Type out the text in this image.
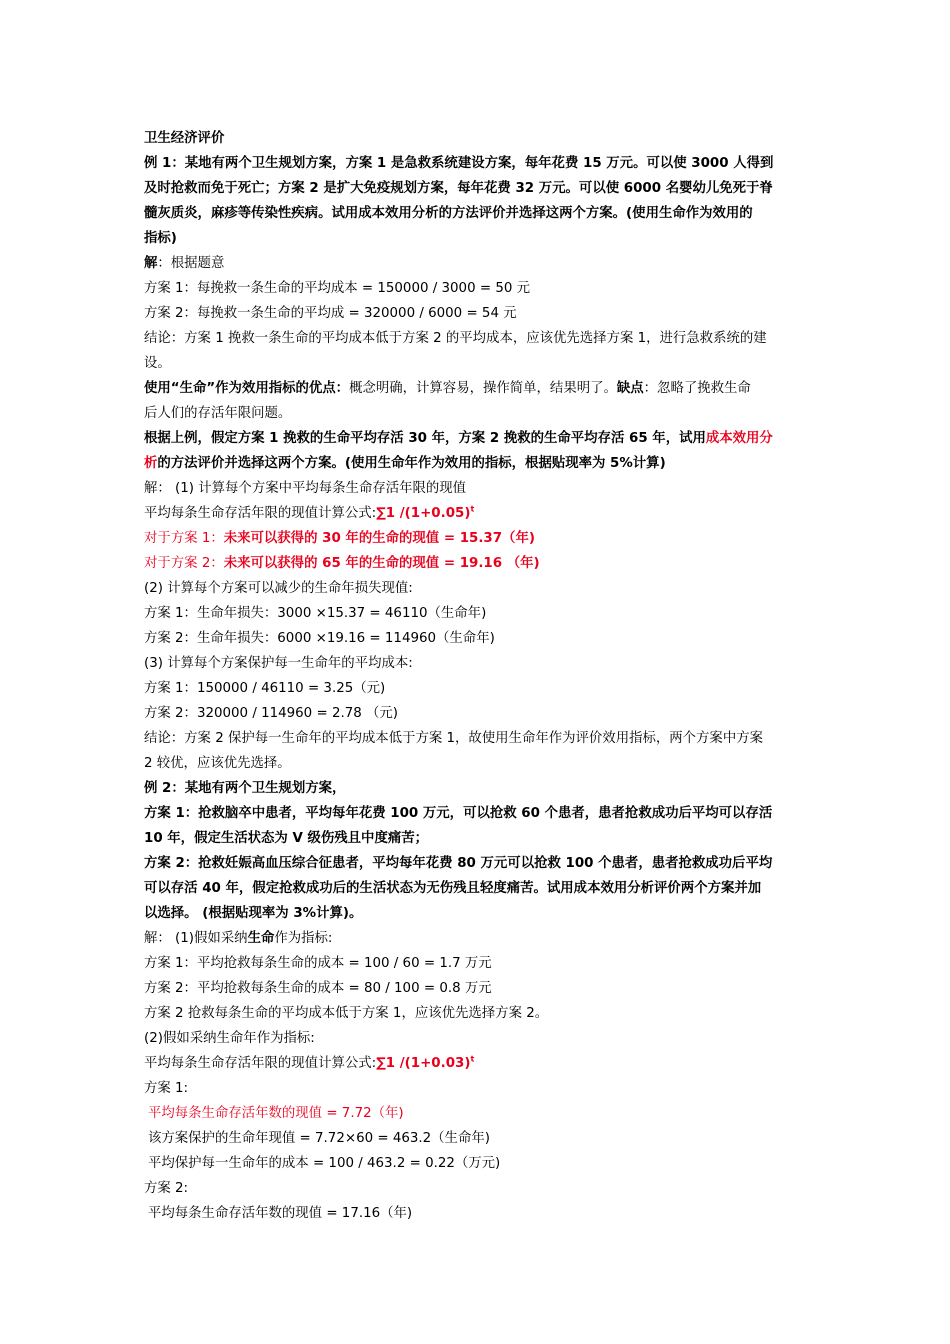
卫生经济评价
例 1：某地有两个卫生规划方案，方案 1 是急救系统建设方案，每年花费 15 万元。可以使 3000 人得到
及时抢救而免于死亡；方案 2 是扩大免疫规划方案，每年花费 32 万元。可以使 6000 名婴幼儿免死于脊
髓灰质炎，麻疹等传染性疾病。试用成本效用分析的方法评价并选择这两个方案。(使用生命作为效用的
指标)
解：根据题意
方案 1：每挽救一条生命的平均成本 = 150000 / 3000 = 50 元
方案 2：每挽救一条生命的平均成 = 320000 / 6000 = 54 元
结论：方案 1 挽救一条生命的平均成本低于方案 2 的平均成本，应该优先选择方案 1，进行急救系统的建
设。
使用“生命”作为效用指标的优点：概念明确，计算容易，操作简单，结果明了。缺点：忽略了挽救生命
后人们的存活年限问题。
根据上例，假定方案 1 挽救的生命平均存活 30 年，方案 2 挽救的生命平均存活 65 年，试用成本效用分
析的方法评价并选择这两个方案。(使用生命年作为效用的指标，根据贴现率为 5%计算)
解： (1) 计算每个方案中平均每条生命存活年限的现值
平均每条生命存活年限的现值计算公式:∑1 $/(1+0.05)^t$
对于方案 1：未来可以获得的 30 年的生命的现值 = 15.37（年)
对于方案 2：未来可以获得的 65 年的生命的现值 = 19.16 （年)
(2) 计算每个方案可以减少的生命年损失现值:
方案 1：生命年损失：3000 ×15.37 = 46110（生命年)
方案 2：生命年损失：6000 ×19.16 = 114960（生命年)
(3) 计算每个方案保护每一生命年的平均成本:
方案 1：150000 / 46110 = 3.25（元)
方案 2：320000 / 114960 = 2.78 （元)
结论：方案 2 保护每一生命年的平均成本低于方案 1，故使用生命年作为评价效用指标，两个方案中方案
2 较优，应该优先选择。
例 2：某地有两个卫生规划方案，
方案 1：抢救脑卒中患者，平均每年花费 100 万元，可以抢救 60 个患者，患者抢救成功后平均可以存活
10 年，假定生活状态为 V 级伤残且中度痛苦；
方案 2：抢救妊娠高血压综合征患者，平均每年花费 80 万元可以抢救 100 个患者，患者抢救成功后平均
可以存活 40 年，假定抢救成功后的生活状态为无伤残且轻度痛苦。试用成本效用分析评价两个方案并加
以选择。 (根据贴现率为 3%计算)。
解： (1)假如采纳生命作为指标:
方案 1：平均抢救每条生命的成本 = 100 / 60 = 1.7 万元
方案 2：平均抢救每条生命的成本 = 80 / 100 = 0.8 万元
方案 2 抢救每条生命的平均成本低于方案 1，应该优先选择方案 2。
(2)假如采纳生命年作为指标:
平均每条生命存活年限的现值计算公式:∑1 $/(1+0.03)^t$
方案 1:
平均每条生命存活年数的现值 = 7.72（年)
该方案保护的生命年现值 = 7.72×60 = 463.2（生命年)
平均保护每一生命年的成本 = 100 / 463.2 = 0.22（万元)
方案 2:
平均每条生命存活年数的现值 = 17.16（年)
